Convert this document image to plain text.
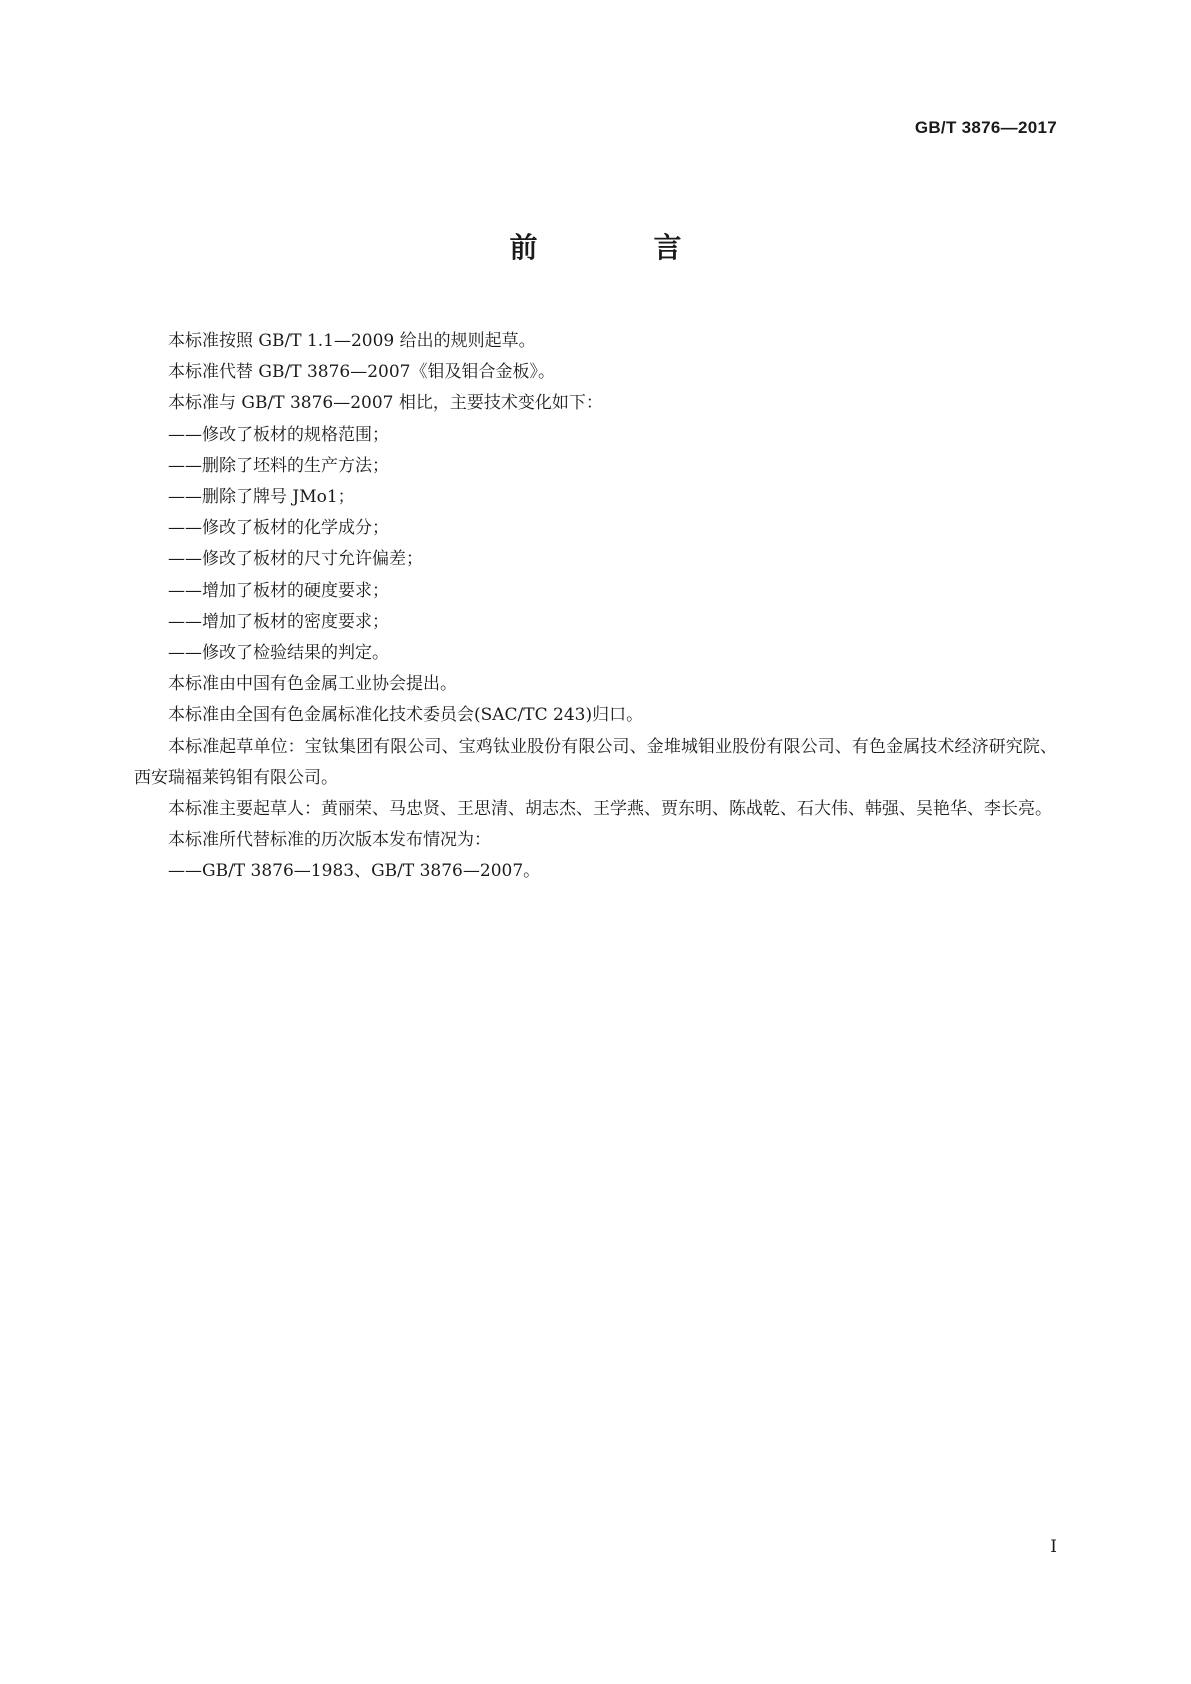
GB/T 3876—2017
前　言

本标准按照 GB/T 1.1—2009 给出的规则起草。

本标准代替 GB/T 3876—2007《钼及钼合金板》。

本标准与 GB/T 3876—2007 相比，主要技术变化如下：

——修改了板材的规格范围；

——删除了坯料的生产方法；

——删除了牌号 JMo1；

——修改了板材的化学成分；

——修改了板材的尺寸允许偏差；

——增加了板材的硬度要求；

——增加了板材的密度要求；

——修改了检验结果的判定。

本标准由中国有色金属工业协会提出。

本标准由全国有色金属标准化技术委员会(SAC/TC 243)归口。

本标准起草单位：宝钛集团有限公司、宝鸡钛业股份有限公司、金堆城钼业股份有限公司、有色金属技术经济研究院、西安瑞福莱钨钼有限公司。

本标准主要起草人：黄丽荣、马忠贤、王思清、胡志杰、王学燕、贾东明、陈战乾、石大伟、韩强、吴艳华、李长亮。

本标准所代替标准的历次版本发布情况为：

——GB/T 3876—1983、GB/T 3876—2007。

I
